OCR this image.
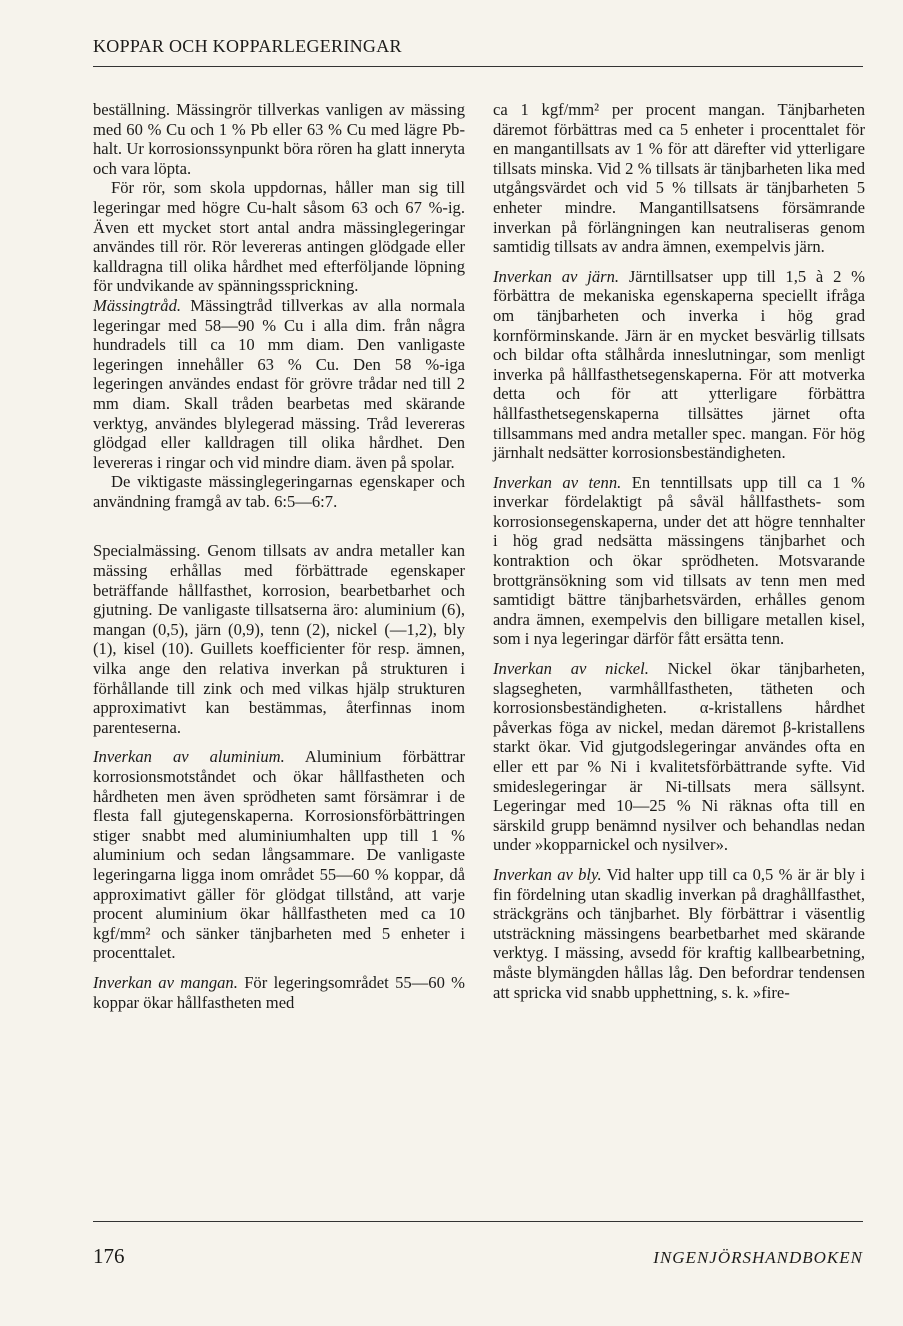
KOPPAR OCH KOPPARLEGERINGAR

beställning. Mässingrör tillverkas vanligen av mässing med 60 % Cu och 1 % Pb eller 63 % Cu med lägre Pb-halt. Ur korrosionssynpunkt böra rören ha glatt inneryta och vara löpta.

För rör, som skola uppdornas, håller man sig till legeringar med högre Cu-halt såsom 63 och 67 %-ig. Även ett mycket stort antal andra mässinglegeringar användes till rör. Rör levereras antingen glödgade eller kalldragna till olika hårdhet med efterföljande löpning för undvikande av spänningssprickning.

Mässingtråd. Mässingtråd tillverkas av alla normala legeringar med 58—90 % Cu i alla dim. från några hundradels till ca 10 mm diam. Den vanligaste legeringen innehåller 63 % Cu. Den 58 %-iga legeringen användes endast för grövre trådar ned till 2 mm diam. Skall tråden bearbetas med skärande verktyg, användes blylegerad mässing. Tråd levereras glödgad eller kalldragen till olika hårdhet. Den levereras i ringar och vid mindre diam. även på spolar.

De viktigaste mässinglegeringarnas egenskaper och användning framgå av tab. 6:5—6:7.

Specialmässing. Genom tillsats av andra metaller kan mässing erhållas med förbättrade egenskaper beträffande hållfasthet, korrosion, bearbetbarhet och gjutning. De vanligaste tillsatserna äro: aluminium (6), mangan (0,5), järn (0,9), tenn (2), nickel (—1,2), bly (1), kisel (10). Guillets koefficienter för resp. ämnen, vilka ange den relativa inverkan på strukturen i förhållande till zink och med vilkas hjälp strukturen approximativt kan bestämmas, återfinnas inom parenteserna.

Inverkan av aluminium. Aluminium förbättrar korrosionsmotståndet och ökar hållfastheten och hårdheten men även sprödheten samt försämrar i de flesta fall gjutegenskaperna. Korrosionsförbättringen stiger snabbt med aluminiumhalten upp till 1 % aluminium och sedan långsammare. De vanligaste legeringarna ligga inom området 55—60 % koppar, då approximativt gäller för glödgat tillstånd, att varje procent aluminium ökar hållfastheten med ca 10 kgf/mm² och sänker tänjbarheten med 5 enheter i procenttalet.

Inverkan av mangan. För legeringsområdet 55—60 % koppar ökar hållfastheten med

ca 1 kgf/mm² per procent mangan. Tänjbarheten däremot förbättras med ca 5 enheter i procenttalet för en mangantillsats av 1 % för att därefter vid ytterligare tillsats minska. Vid 2 % tillsats är tänjbarheten lika med utgångsvärdet och vid 5 % tillsats är tänjbarheten 5 enheter mindre. Mangantillsatsens försämrande inverkan på förlängningen kan neutraliseras genom samtidig tillsats av andra ämnen, exempelvis järn.

Inverkan av järn. Järntillsatser upp till 1,5 à 2 % förbättra de mekaniska egenskaperna speciellt ifråga om tänjbarheten och inverka i hög grad kornförminskande. Järn är en mycket besvärlig tillsats och bildar ofta stålhårda inneslutningar, som menligt inverka på hållfasthetsegenskaperna. För att motverka detta och för att ytterligare förbättra hållfasthetsegenskaperna tillsättes järnet ofta tillsammans med andra metaller spec. mangan. För hög järnhalt nedsätter korrosionsbeständigheten.

Inverkan av tenn. En tenntillsats upp till ca 1 % inverkar fördelaktigt på såväl hållfasthets- som korrosionsegenskaperna, under det att högre tennhalter i hög grad nedsätta mässingens tänjbarhet och kontraktion och ökar sprödheten. Motsvarande brottgränsökning som vid tillsats av tenn men med samtidigt bättre tänjbarhetsvärden, erhålles genom andra ämnen, exempelvis den billigare metallen kisel, som i nya legeringar därför fått ersätta tenn.

Inverkan av nickel. Nickel ökar tänjbarheten, slagsegheten, varmhållfastheten, tätheten och korrosionsbeständigheten. α-kristallens hårdhet påverkas föga av nickel, medan däremot β-kristallens starkt ökar. Vid gjutgodslegeringar användes ofta en eller ett par % Ni i kvalitetsförbättrande syfte. Vid smideslegeringar är Ni-tillsats mera sällsynt. Legeringar med 10—25 % Ni räknas ofta till en särskild grupp benämnd nysilver och behandlas nedan under »kopparnickel och nysilver».

Inverkan av bly. Vid halter upp till ca 0,5 % är är bly i fin fördelning utan skadlig inverkan på draghållfasthet, sträckgräns och tänjbarhet. Bly förbättrar i väsentlig utsträckning mässingens bearbetbarhet med skärande verktyg. I mässing, avsedd för kraftig kallbearbetning, måste blymängden hållas låg. Den befordrar tendensen att spricka vid snabb upphettning, s. k. »fire-

176	INGENJÖRSHANDBOKEN
